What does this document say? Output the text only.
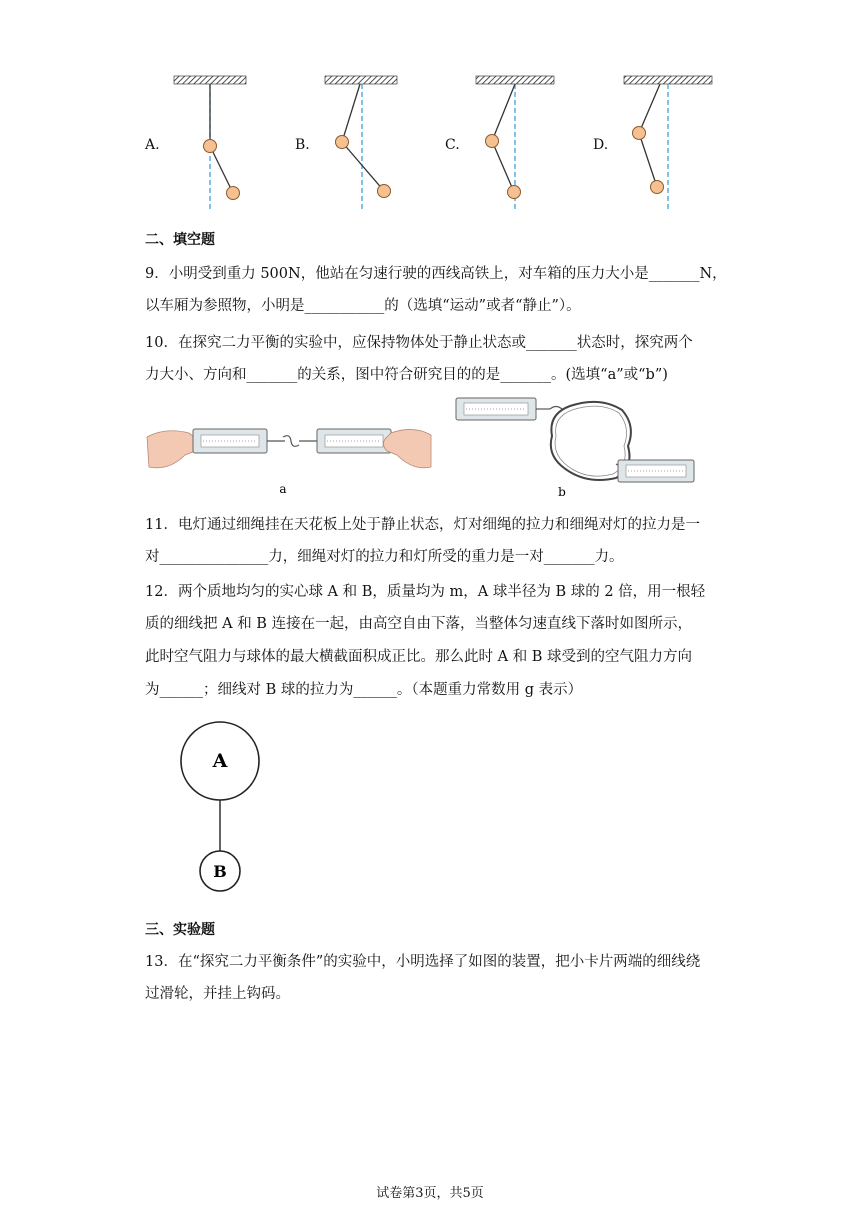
A.	B.	C.	D.
二、填空题
9．小明受到重力 500N，他站在匀速行驶的西线高铁上，对车箱的压力大小是_______N，
以车厢为参照物，小明是___________的（选填“运动”或者“静止”）。
10．在探究二力平衡的实验中，应保持物体处于静止状态或_______状态时，探究两个
力大小、方向和_______的关系，图中符合研究目的的是_______。(选填“a”或“b”)
a	b
11．电灯通过细绳挂在天花板上处于静止状态，灯对细绳的拉力和细绳对灯的拉力是一
对_______________力，细绳对灯的拉力和灯所受的重力是一对_______力。
12．两个质地均匀的实心球 A 和 B，质量均为 m，A 球半径为 B 球的 2 倍，用一根轻
质的细线把 A 和 B 连接在一起，由高空自由下落，当整体匀速直线下落时如图所示，
此时空气阻力与球体的最大横截面积成正比。那么此时 A 和 B 球受到的空气阻力方向
为______；细线对 B 球的拉力为______。（本题重力常数用 g 表示）
A
B
三、实验题
13．在“探究二力平衡条件”的实验中，小明选择了如图的装置，把小卡片两端的细线绕
过滑轮，并挂上钩码。
试卷第3页，共5页
